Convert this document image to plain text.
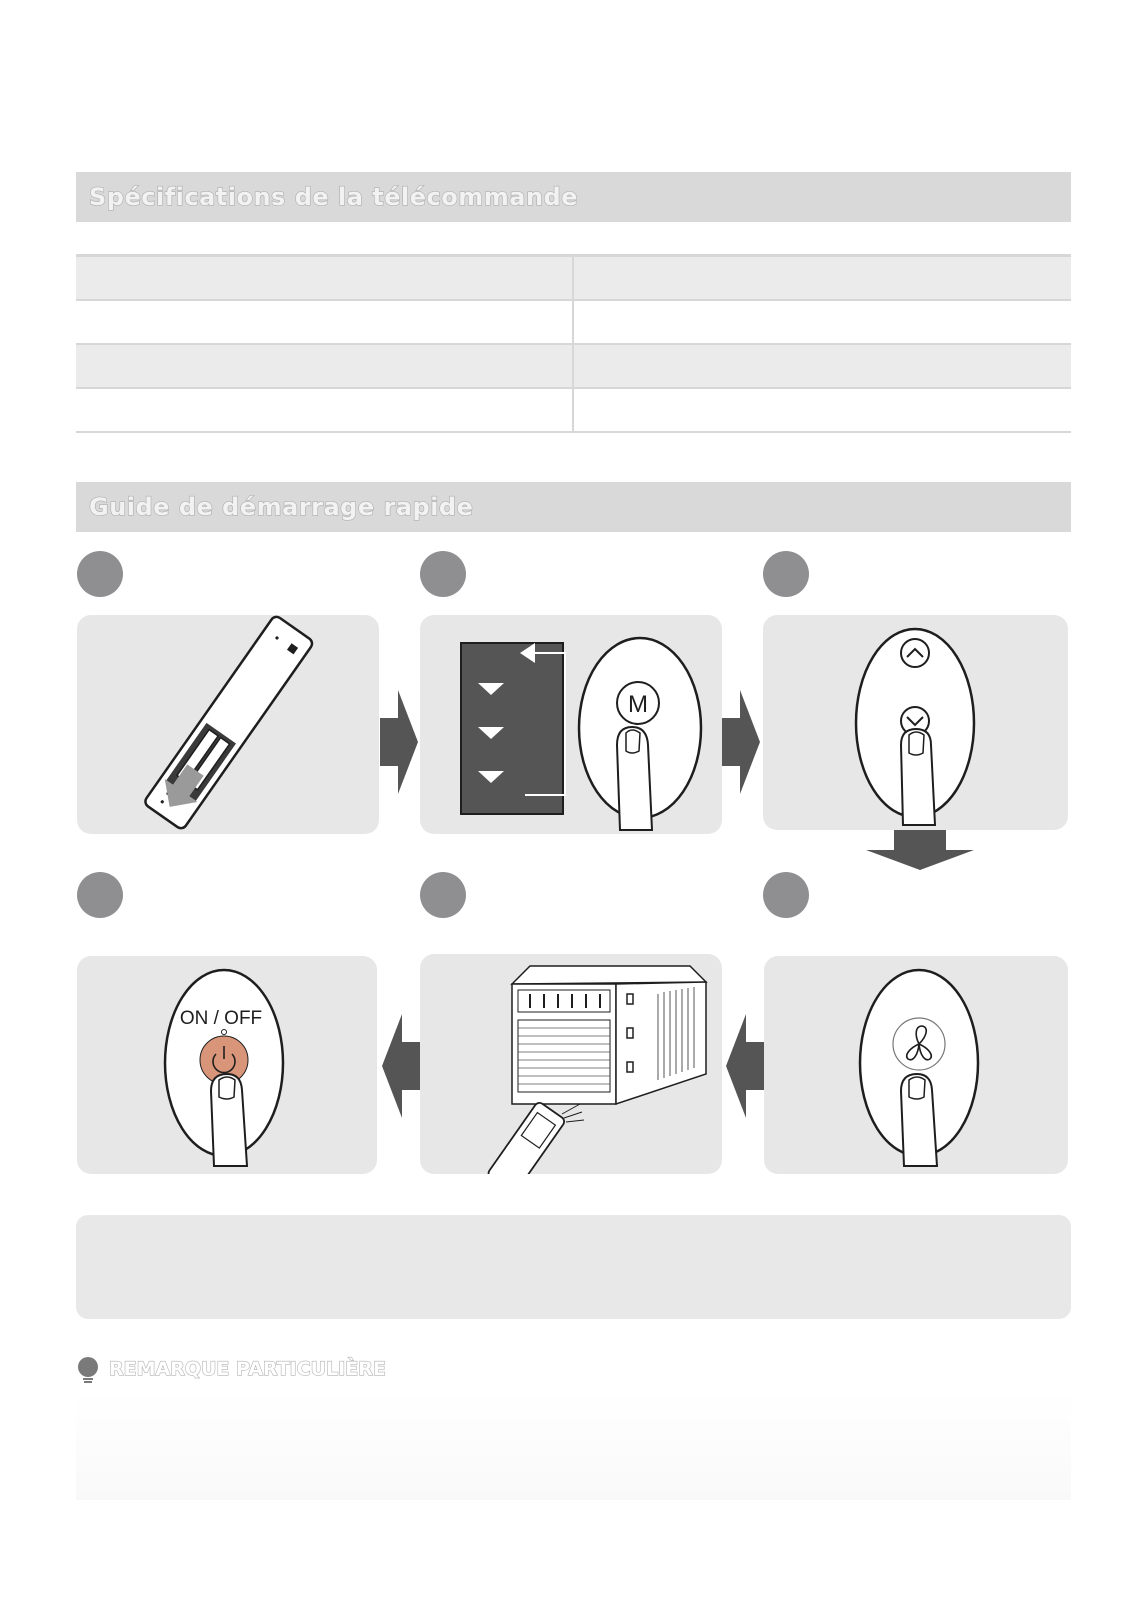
Spécifications de la télécommande

Guide de démarrage rapide
M
ON / OFF
REMARQUE PARTICULIÈRE
